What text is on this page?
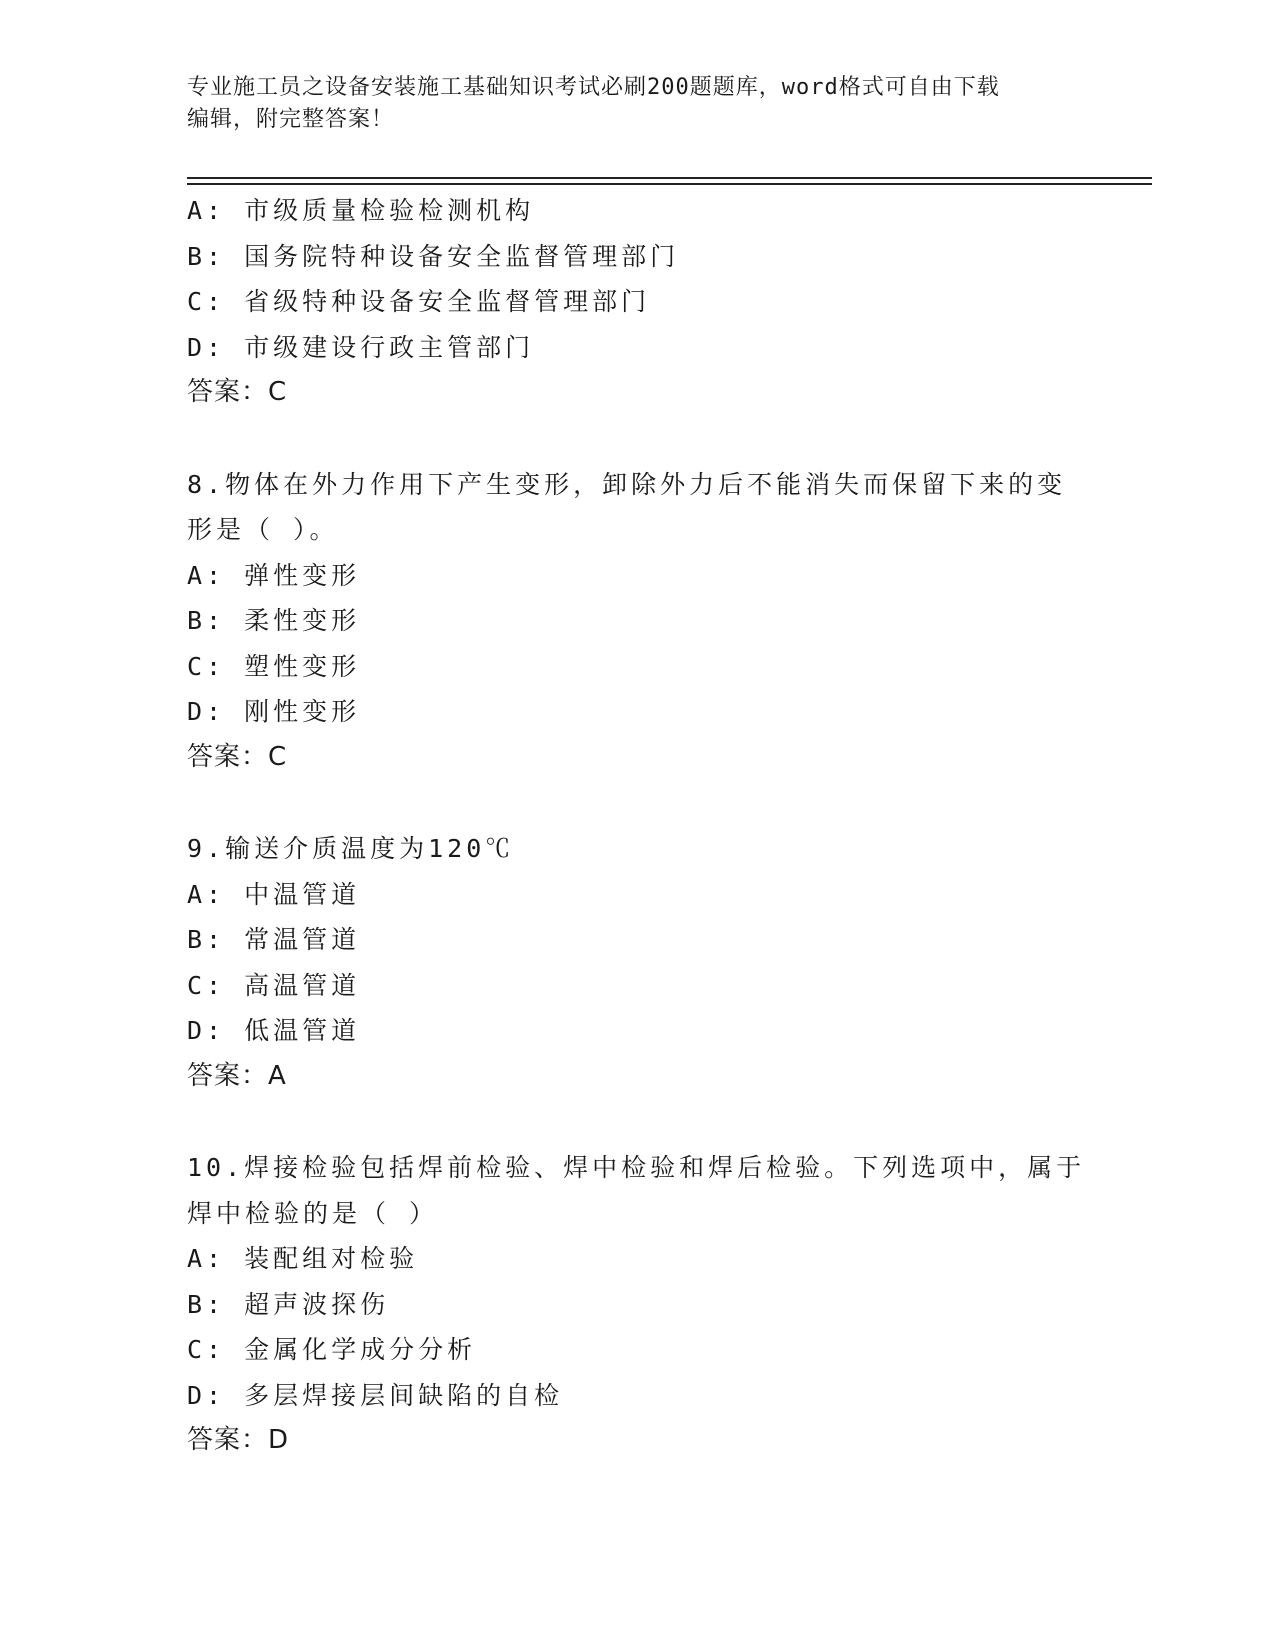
专业施工员之设备安装施工基础知识考试必刷200题题库，word格式可自由下载
编辑，附完整答案！
A: 市级质量检验检测机构
B: 国务院特种设备安全监督管理部门
C: 省级特种设备安全监督管理部门
D: 市级建设行政主管部门
答案：C
8.物体在外力作用下产生变形，卸除外力后不能消失而保留下来的变
形是（ ）。
A: 弹性变形
B: 柔性变形
C: 塑性变形
D: 刚性变形
答案：C
9.输送介质温度为120℃
A: 中温管道
B: 常温管道
C: 高温管道
D: 低温管道
答案：A
10.焊接检验包括焊前检验、焊中检验和焊后检验。下列选项中，属于
焊中检验的是（ ）
A: 装配组对检验
B: 超声波探伤
C: 金属化学成分分析
D: 多层焊接层间缺陷的自检
答案：D
